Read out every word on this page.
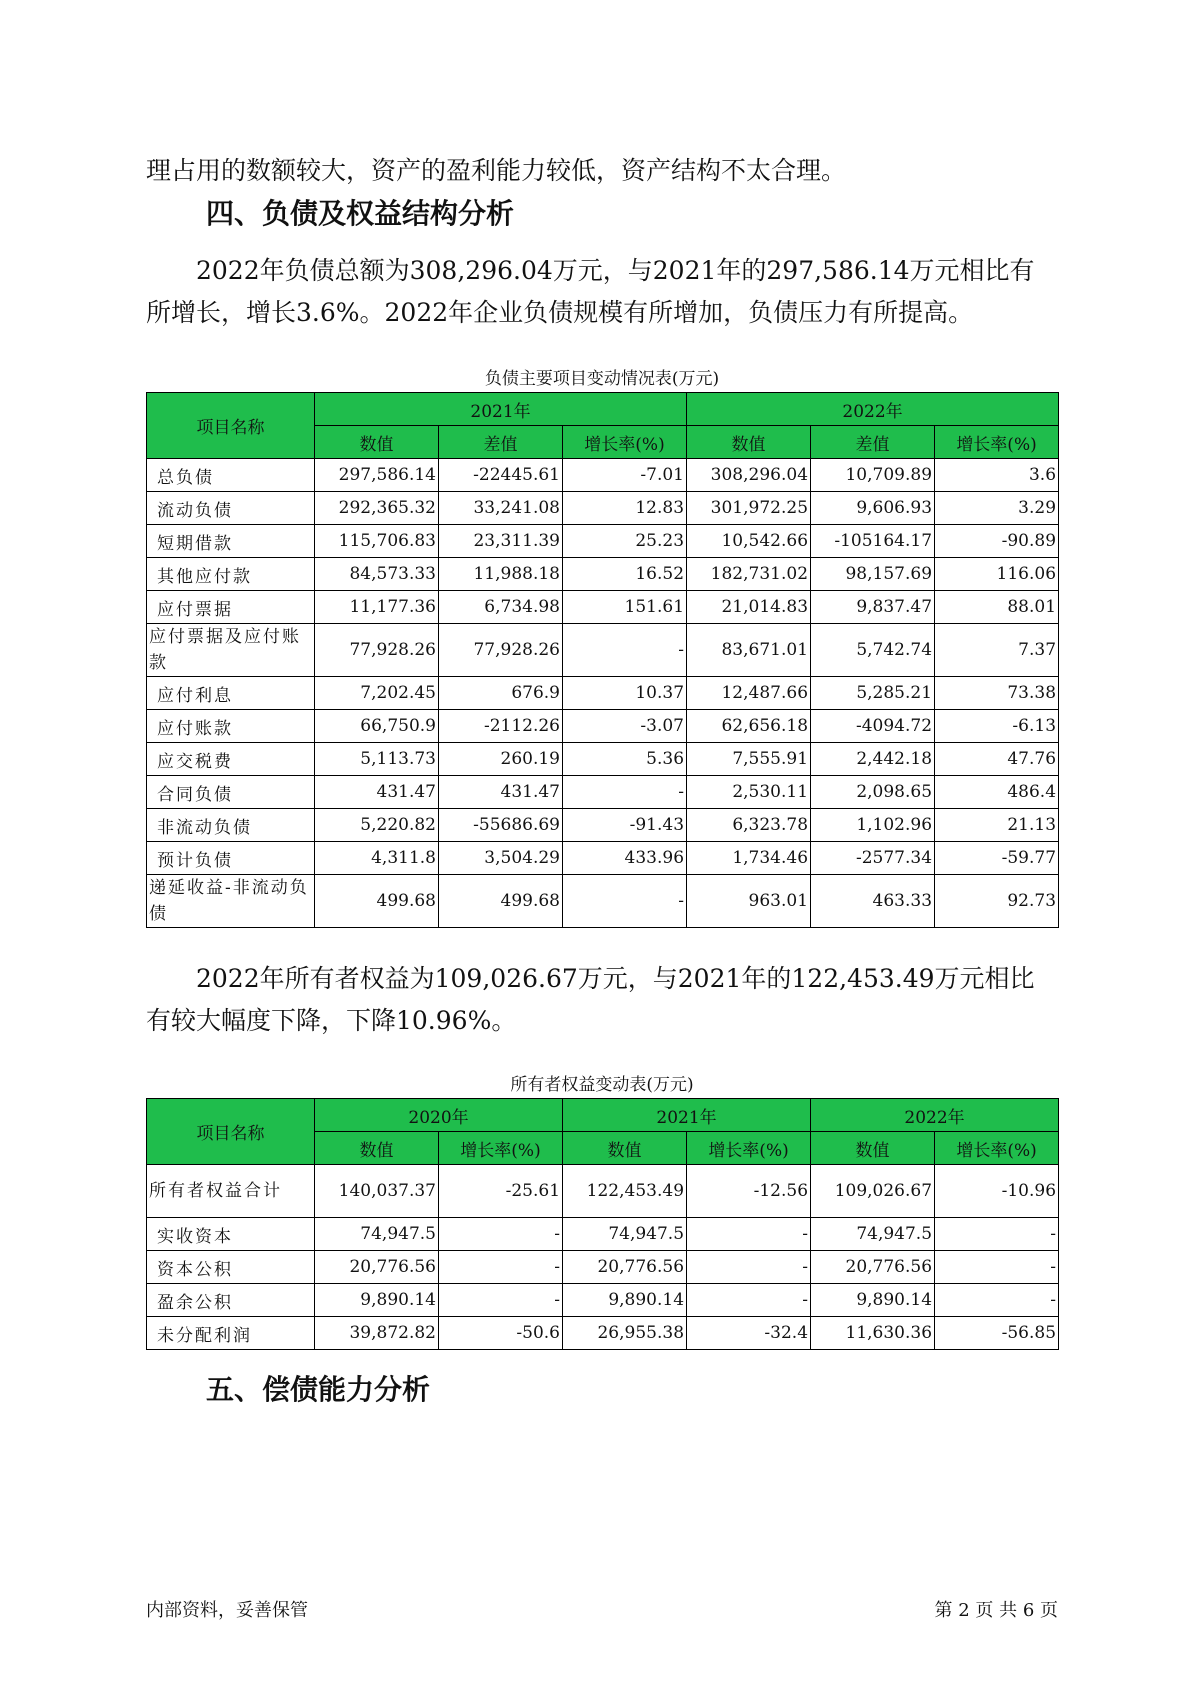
理占用的数额较大，资产的盈利能力较低，资产结构不太合理。

四、负债及权益结构分析

2022年负债总额为308,296.04万元，与2021年的297,586.14万元相比有所增长，增长3.6%。2022年企业负债规模有所增加，负债压力有所提高。

负债主要项目变动情况表(万元)

项目名称	2021年			2022年		
	数值	差值	增长率(%)	数值	差值	增长率(%)
总负债	297,586.14	-22445.61	-7.01	308,296.04	10,709.89	3.6
流动负债	292,365.32	33,241.08	12.83	301,972.25	9,606.93	3.29
短期借款	115,706.83	23,311.39	25.23	10,542.66	-105164.17	-90.89
其他应付款	84,573.33	11,988.18	16.52	182,731.02	98,157.69	116.06
应付票据	11,177.36	6,734.98	151.61	21,014.83	9,837.47	88.01
应付票据及应付账款	77,928.26	77,928.26	-	83,671.01	5,742.74	7.37
应付利息	7,202.45	676.9	10.37	12,487.66	5,285.21	73.38
应付账款	66,750.9	-2112.26	-3.07	62,656.18	-4094.72	-6.13
应交税费	5,113.73	260.19	5.36	7,555.91	2,442.18	47.76
合同负债	431.47	431.47	-	2,530.11	2,098.65	486.4
非流动负债	5,220.82	-55686.69	-91.43	6,323.78	1,102.96	21.13
预计负债	4,311.8	3,504.29	433.96	1,734.46	-2577.34	-59.77
递延收益-非流动负债	499.68	499.68	-	963.01	463.33	92.73

2022年所有者权益为109,026.67万元，与2021年的122,453.49万元相比有较大幅度下降，下降10.96%。

所有者权益变动表(万元)

项目名称	2020年		2021年		2022年	
	数值	增长率(%)	数值	增长率(%)	数值	增长率(%)
所有者权益合计	140,037.37	-25.61	122,453.49	-12.56	109,026.67	-10.96
实收资本	74,947.5	-	74,947.5	-	74,947.5	-
资本公积	20,776.56	-	20,776.56	-	20,776.56	-
盈余公积	9,890.14	-	9,890.14	-	9,890.14	-
未分配利润	39,872.82	-50.6	26,955.38	-32.4	11,630.36	-56.85
五、偿债能力分析

内部资料，妥善保管	第 2 页 共 6 页
